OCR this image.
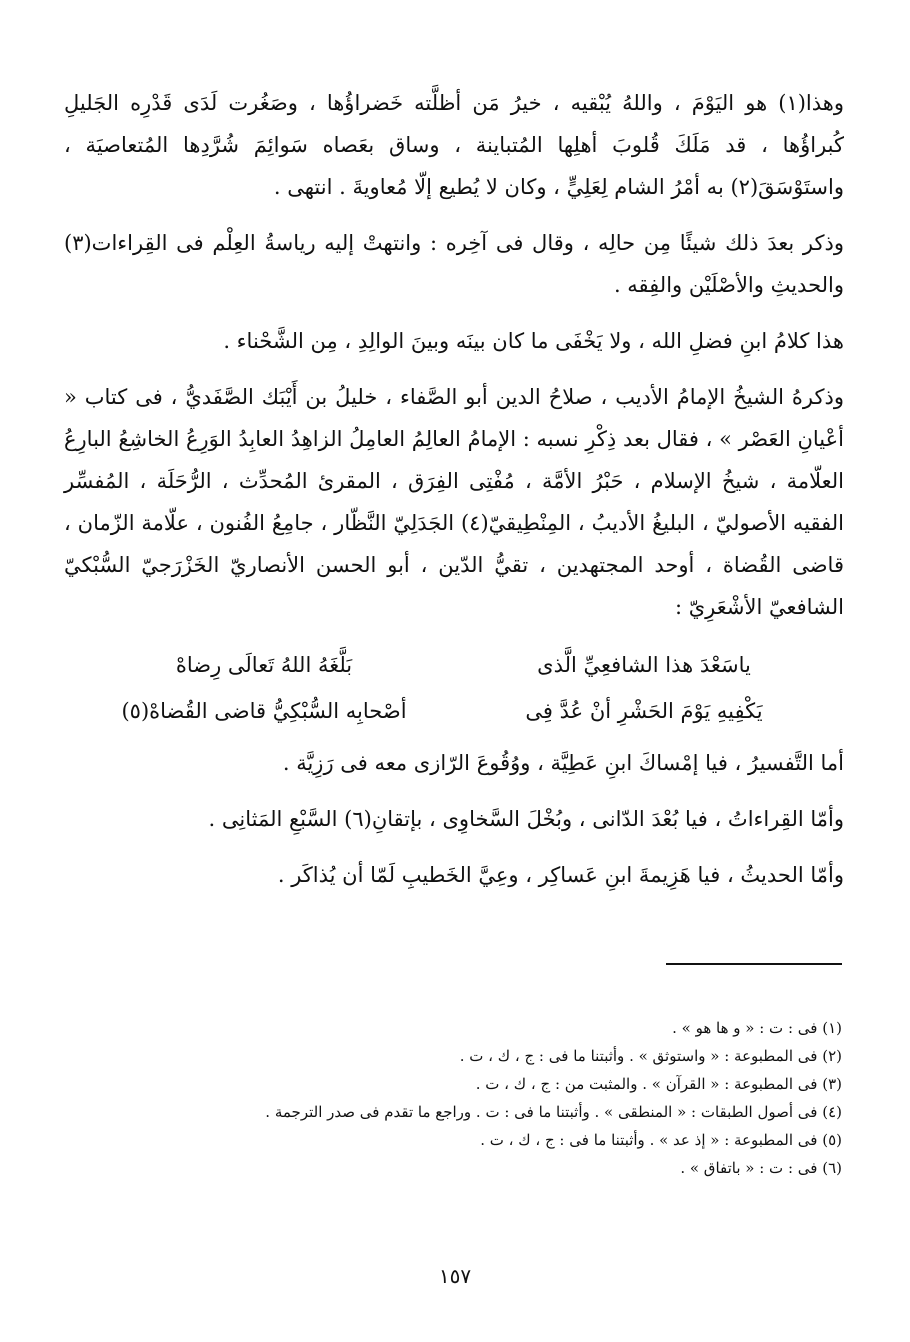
وهذا(١) هو اليَوْمَ ، واللهُ يُبْقيه ، خيرُ مَن أظلَّته خَضراؤُها ، وصَغُرت لَدَى قَدْرِه الجَليلِ كُبراؤُها ، قد مَلَكَ قُلوبَ أهلِها المُتباينة ، وساق بعَصاه سَوائِمَ شُرَّدِها المُتعاصيَة ، واستَوْسَقَ(٢) به أمْرُ الشام لِعَلِيٍّ ، وكان لا يُطيع إلّا مُعاويةَ . انتهى .

وذكر بعدَ ذلك شيئًا مِن حالِه ، وقال فى آخِره : وانتهتْ إليه رياسةُ العِلْم فى القِراءات(٣) والحديثِ والأصْلَيْن والفِقه .

هذا كلامُ ابنِ فضلِ الله ، ولا يَخْفَى ما كان بينَه وبينَ الوالِدِ ، مِن الشَّحْناء .

وذكرهُ الشيخُ الإمامُ الأديب ، صلاحُ الدين أبو الصَّفاء ، خليلُ بن أَيْبَك الصَّفَديُّ ، فى كتاب « أعْيانِ العَصْر » ، فقال بعد ذِكْرِ نسبه : الإمامُ العالِمُ العامِلُ الزاهِدُ العابِدُ الوَرِعُ الخاشِعُ البارِعُ العلّامة ، شيخُ الإسلام ، حَبْرُ الأمَّة ، مُفْتِى الفِرَق ، المقرئ المُحدِّث ، الرُّحَلَة ، المُفسِّر الفقيه الأصوليّ ، البليغُ الأديبُ ، المِنْطِيقيّ(٤) الجَدَلِيّ النَّظّار ، جامِعُ الفُنون ، علّامة الزّمان ، قاضى القُضاة ، أوحد المجتهدين ، تقيُّ الدّين ، أبو الحسن الأنصاريّ الخَزْرَجيّ السُّبْكيّ الشافعيّ الأشْعَرِيّ :

ياسَعْدَ هذا الشافعِيِّ الَّذى
بَلَّغَهُ اللهُ تَعالَى رِضاهْ
يَكْفِيهِ يَوْمَ الحَشْرِ أنْ عُدَّ فِى
أصْحابِه السُّبْكِيُّ قاضى القُضاهْ(٥)

أما التَّفسيرُ ، فيا إمْساكَ ابنِ عَطِيَّة ، ووُقُوعَ الرّازى معه فى رَزِيَّة .

وأمّا القِراءاتُ ، فيا بُعْدَ الدّانى ، وبُخْلَ السَّخاوِى ، بإتقانِ(٦) السَّبْعِ المَثانِى .

وأمّا الحديثُ ، فيا هَزِيمةَ ابنِ عَساكِر ، وعِيَّ الخَطيبِ لَمّا أن يُذاكَر .

(١) فى : ت : « و ها هو » .
(٢) فى المطبوعة : « واستوثق » . وأثبتنا ما فى : ج ، ك ، ت .
(٣) فى المطبوعة : « القرآن » . والمثبت من : ج ، ك ، ت .
(٤) فى أصول الطبقات : « المنطقى » . وأثبتنا ما فى : ت . وراجع ما تقدم فى صدر الترجمة .
(٥) فى المطبوعة : « إذ عد » . وأثبتنا ما فى : ج ، ك ، ت .
(٦) فى : ت : « باتفاق » .
١٥٧
